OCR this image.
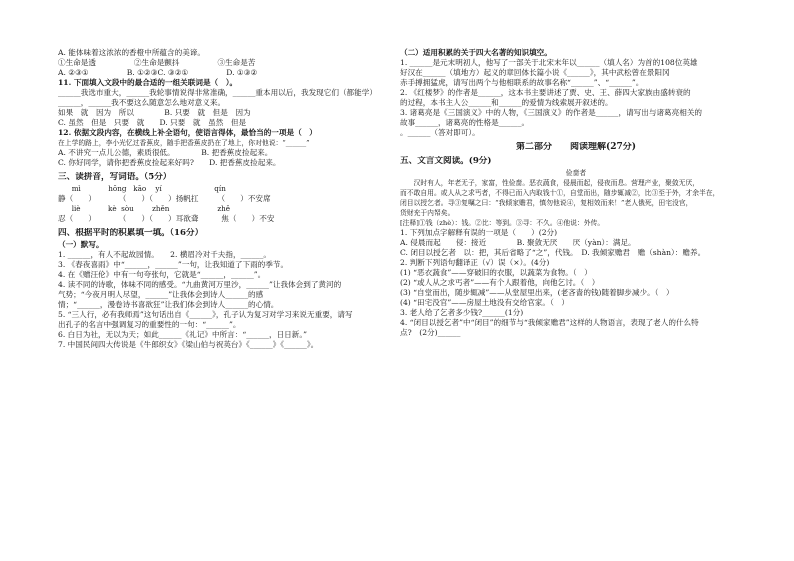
A. 能体味着这浓浓的香橙中所蕴含的美谛。
①生命是透　　　　　②生命是颤抖　　　　　③生命是苦
A. ②③①　　　　　B. ①②③C. ③②①　　　　　D. ①③②
11. 下面填入文段中的最合适的一组关联词是（　）。
______我选市重大，______我轮事情说得非常准确，______重本用以后，我发现它们（都能学）
______，______我不要这么随意怎么地对意义来。
如果　就　因为　所以　　　　B. 只要　就　但是　因为
C. 虽然　但是　只要　就　　D. 只要　就　虽然　但是
12. 依据文段内容，在横线上补全语句，使语言得体，最恰当的一项是（　）
在上学的路上，李小光忆过香蕉皮，随手把香蕉皮扔在了地上，你对他说：“______”
A. 不讲究一点儿公德，素质很低。　　　　B. 把香蕉皮捡起来。
C. 你好同学，请你把香蕉皮捡起来好吗?　　D. 把香蕉皮捡起来。
三、读拼音，写词语。（5分）
mì            hōng   kāo    yí                       qín
静（　　）　　　　（　　）（　　）扬帆扛　　　（　　）不安席
liè            kè  sòu        zhěn                     zhě
忍（　　）　　　　（　　）（　　）耳欲聋　　　焦（　　）不安
四、根据平时的积累填一填。（16分）
（一）默写。
1. ______，有人不起故园情。　　2. 横眉冷对千夫指，______。
3. 《春夜喜雨》中“______，______”一句，让我知道了下雨的季节。
4. 在《赠汪伦》中有一句夸张句，它就是“______，______”。
4. 读不同的诗歌，体味不同的感受。“九曲黄河万里沙，______”让我体会到了黄河的
气势；“今夜月明人尽望，______”让我体会到诗人______的感
情；“______，漫卷诗书喜欲狂”让我们体会到诗人______的心情。
5. “三人行，必有我师焉”这句话出自《______》，孔子认为复习对学习来说无重要，请写
出孔子的名言中强调复习的重要性的一句：“______”。
6. 白日为社，无以为天；如此______《礼记》中所言：“______，日日新。”
7. 中国民间四大传说是《牛郎织女》《梁山伯与祝英台》《______》《______》。
（二）适用积累的关于四大名著的知识填空。
1. ______是元末明初人，他写了一部关于北宋末年以______（填人名）为首的108位英雄
好汉在______（填地方）起义的章回体长篇小说《______》，其中武松曾在景阳冈
赤手搏拥猛虎，请写出两个与他相联系的故事名称“______”、“______”。
2. 《红楼梦》的作者是______，这本书主要讲述了贾、史、王、薛四大家族由盛转衰的
的过程，本书主人公______和______的爱情为线索展开叙述的。
3. 诸葛亮是《三国演义》中的人物，《三国演义》的作者是______，请写出与诸葛亮相关的
故事______，诸葛亮的性格是______。
。______（答对即可）。
第二部分　　阅读理解(27分)
五、文言文阅读。(9分)
俭啬者
　　汉时有人，年老无子，家富，性俭啬。恶衣蔬食，侵晨而起，侵夜而息。营理产业，聚敛无厌，
而不敢自用。或人从之求丐者，不得已而入内取钱十①，自堂而出，随步辄减②，比③至于外，才余半在，
闭目以授乞者。寻③复嘱之曰：“我倾家赡君，慎勿他说④，复相效而来！”老人俄死，田宅没官，
货财充于内帑矣。
[注释]①钱（zhè）：钱。②比：等到。③寻：不久。④他说：外传。
1. 下列加点字解释有误的一项是（　　）(2分)
A. 侵晨而起　　侵：接近　　　　B. 聚敛无厌　　厌（yàn）：满足。
C. 闭目以授乞者　以：把，其后省略了“之”，代钱。　D. 我倾家赡君　赡（shàn）：赡养。
2. 判断下列语句翻译正（√）误（×）。(4分)
(1) “恶衣蔬食”——穿破旧的衣服，以蔬菜为食物。（　）
(2) “或人从之求丐者”——有个人跟着他，向他乞讨。（　）
(3) “自堂而出，随步辄减”——从堂屋里出来，(老吝啬的钱)随着脚步减少。（　）
(4) “田宅没官”——房屋土地没有交给官家。（　）
3. 老人给了乞者多少钱?______(1分)
4. “闭目以授乞者”中“闭目”的细节与“我倾家赡君”这样的人物语言，表现了老人的什么特
点?　(2分)______
